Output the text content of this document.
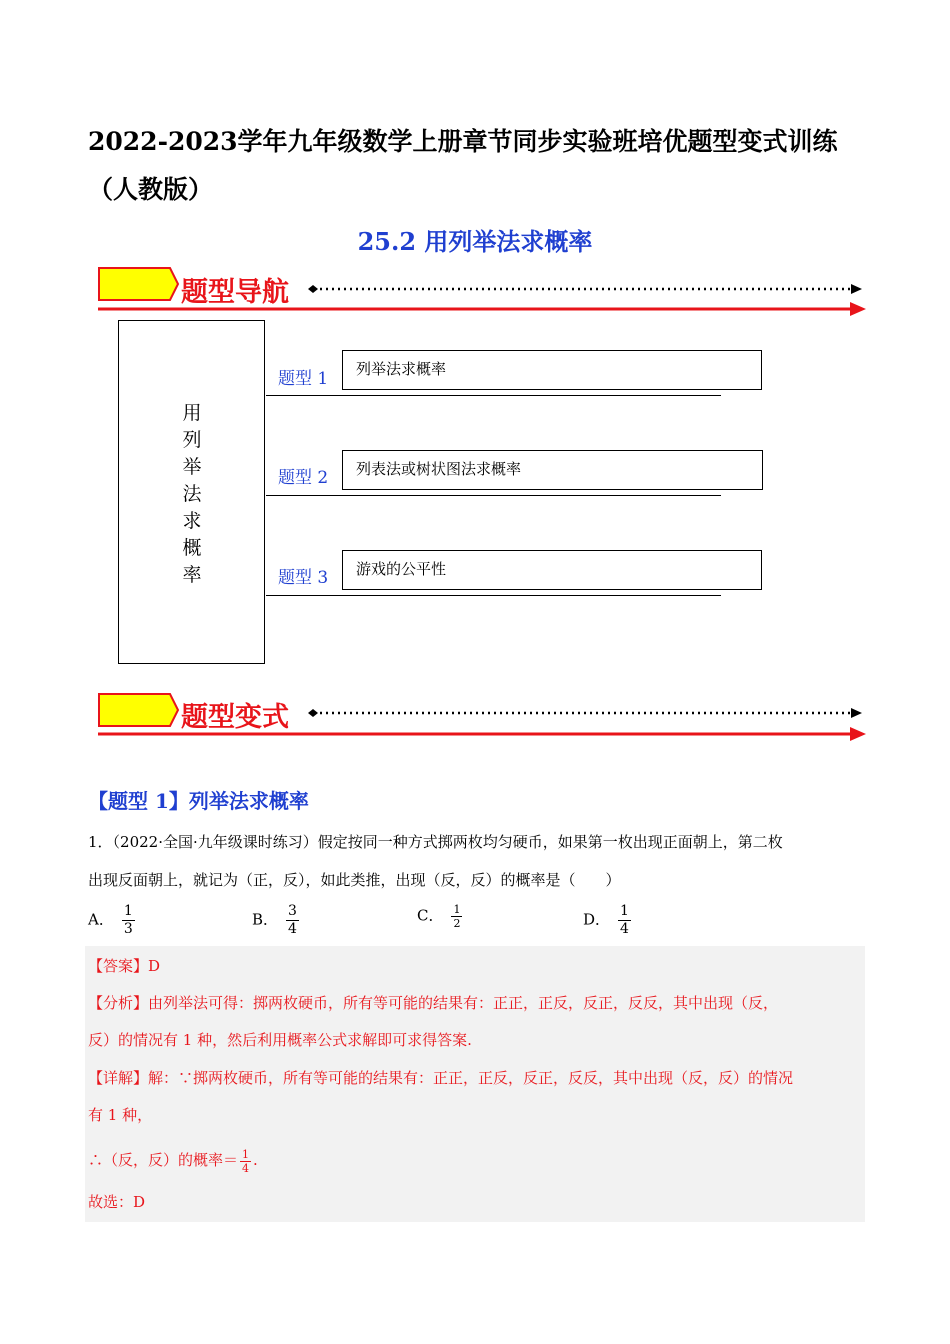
2022-2023学年九年级数学上册章节同步实验班培优题型变式训练（人教版）
25.2 用列举法求概率
题型导航
用
列
举
法
求
概
率
题型 1	列举法求概率
题型 2	列表法或树状图法求概率
题型 3	游戏的公平性
题型变式
【题型 1】列举法求概率
1．（2022·全国·九年级课时练习）假定按同一种方式掷两枚均匀硬币，如果第一枚出现正面朝上，第二枚
出现反面朝上，就记为（正，反），如此类推，出现（反，反）的概率是（　　）
A． $\frac{1}{3}$	B． $\frac{3}{4}$	C． $\frac{1}{2}$	D． $\frac{1}{4}$
【答案】D
【分析】由列举法可得：掷两枚硬币，所有等可能的结果有：正正，正反，反正，反反，其中出现（反，
反）的情况有 1 种，然后利用概率公式求解即可求得答案.
【详解】解：∵掷两枚硬币，所有等可能的结果有：正正，正反，反正，反反，其中出现（反，反）的情况
有 1 种，
∴（反，反）的概率＝ $\frac{1}{4}$ .
故选：D
